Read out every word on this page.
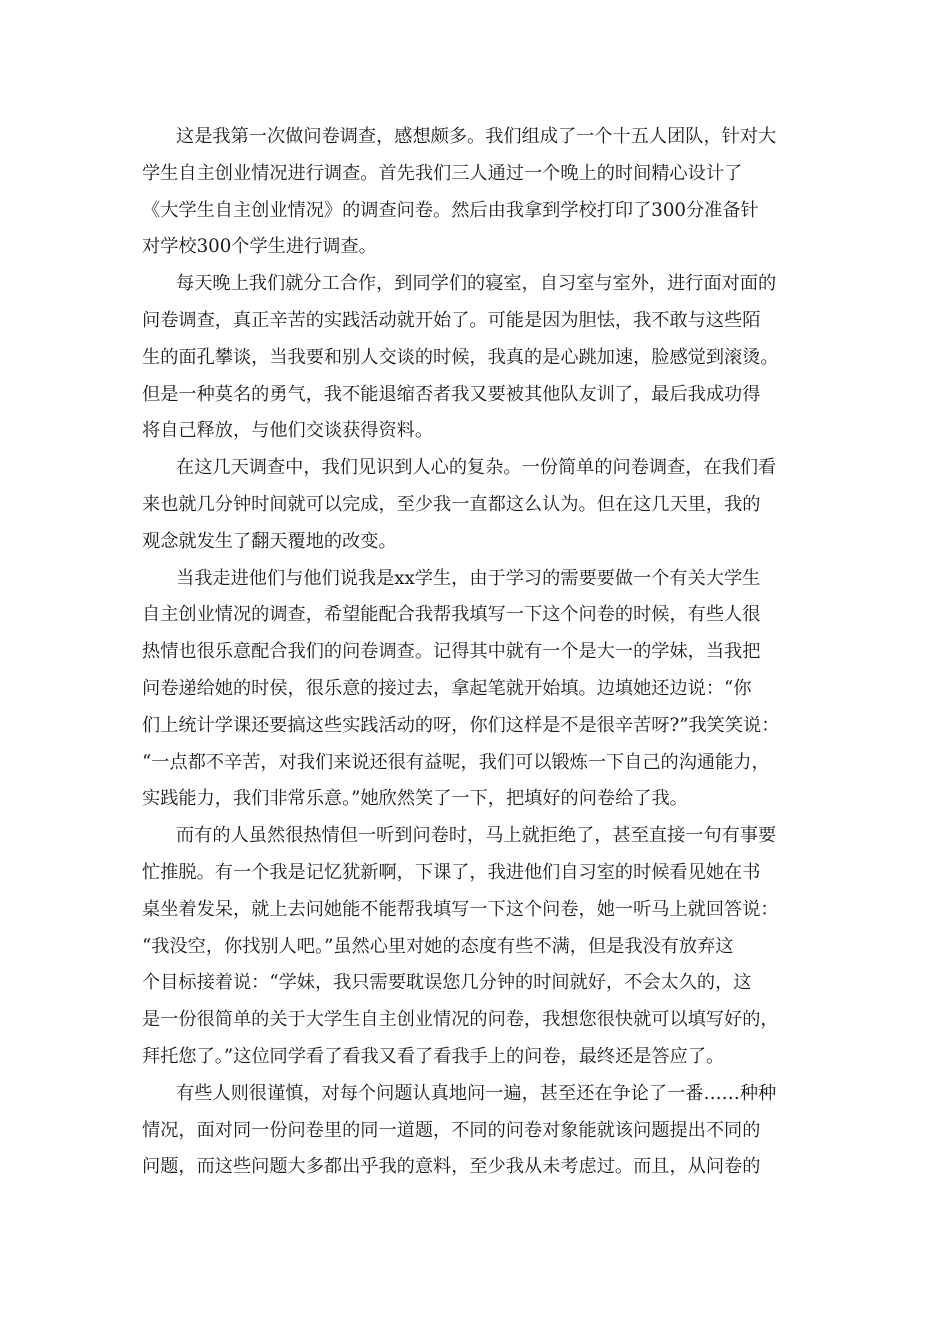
这是我第一次做问卷调查，感想颇多。我们组成了一个十五人团队，针对大
学生自主创业情况进行调查。首先我们三人通过一个晚上的时间精心设计了
《大学生自主创业情况》的调查问卷。然后由我拿到学校打印了300分准备针
对学校300个学生进行调查。
每天晚上我们就分工合作，到同学们的寝室，自习室与室外，进行面对面的
问卷调查，真正辛苦的实践活动就开始了。可能是因为胆怯，我不敢与这些陌
生的面孔攀谈，当我要和别人交谈的时候，我真的是心跳加速，脸感觉到滚烫。
但是一种莫名的勇气，我不能退缩否者我又要被其他队友训了，最后我成功得
将自己释放，与他们交谈获得资料。
在这几天调查中，我们见识到人心的复杂。一份简单的问卷调查，在我们看
来也就几分钟时间就可以完成，至少我一直都这么认为。但在这几天里，我的
观念就发生了翻天覆地的改变。
当我走进他们与他们说我是xx学生，由于学习的需要要做一个有关大学生
自主创业情况的调查，希望能配合我帮我填写一下这个问卷的时候，有些人很
热情也很乐意配合我们的问卷调查。记得其中就有一个是大一的学妹，当我把
问卷递给她的时侯，很乐意的接过去，拿起笔就开始填。边填她还边说：“你
们上统计学课还要搞这些实践活动的呀，你们这样是不是很辛苦呀?”我笑笑说：
“一点都不辛苦，对我们来说还很有益呢，我们可以锻炼一下自己的沟通能力，
实践能力，我们非常乐意。”她欣然笑了一下，把填好的问卷给了我。
而有的人虽然很热情但一听到问卷时，马上就拒绝了，甚至直接一句有事要
忙推脱。有一个我是记忆犹新啊，下课了，我进他们自习室的时候看见她在书
桌坐着发呆，就上去问她能不能帮我填写一下这个问卷，她一听马上就回答说：
“我没空，你找别人吧。”虽然心里对她的态度有些不满，但是我没有放弃这
个目标接着说：“学妹，我只需要耽误您几分钟的时间就好，不会太久的，这
是一份很简单的关于大学生自主创业情况的问卷，我想您很快就可以填写好的，
拜托您了。”这位同学看了看我又看了看我手上的问卷，最终还是答应了。
有些人则很谨慎，对每个问题认真地问一遍，甚至还在争论了一番……种种
情况，面对同一份问卷里的同一道题，不同的问卷对象能就该问题提出不同的
问题，而这些问题大多都出乎我的意料，至少我从未考虑过。而且，从问卷的
